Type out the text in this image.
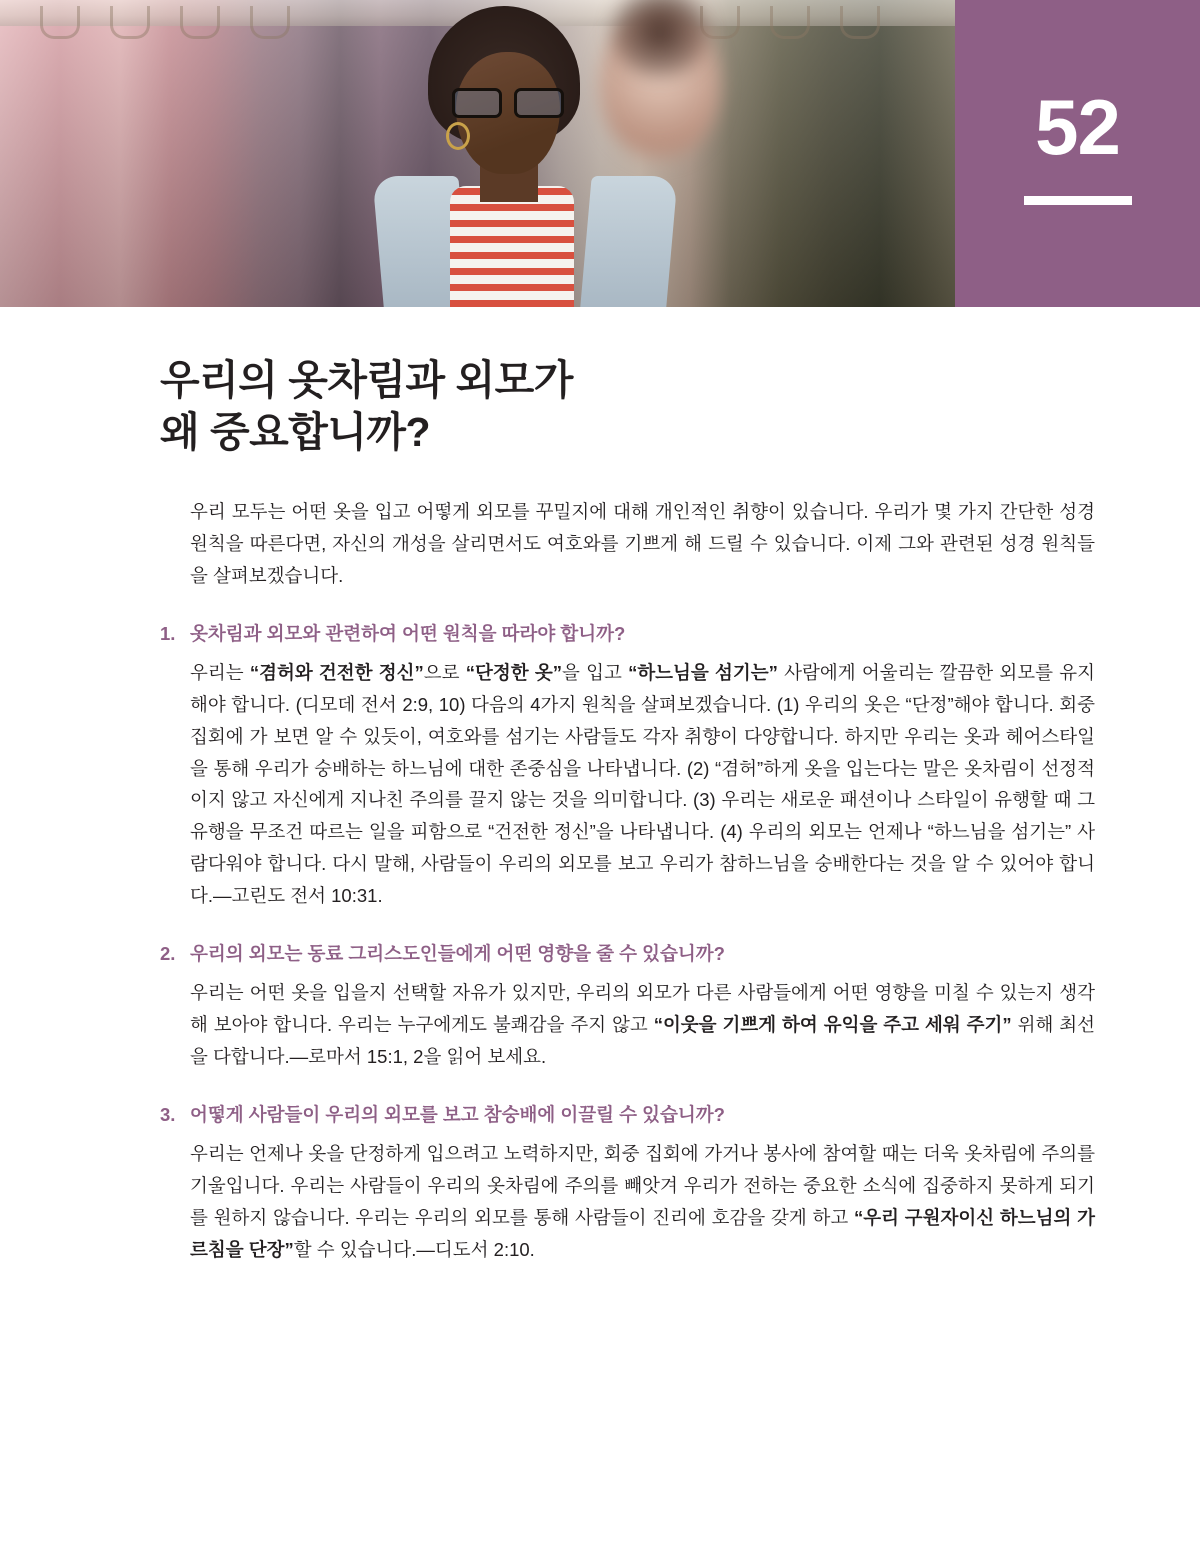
52
우리의 옷차림과 외모가
왜 중요합니까?

우리 모두는 어떤 옷을 입고 어떻게 외모를 꾸밀지에 대해 개인적인 취향이 있습니다. 우리가 몇 가지 간단한 성경 원칙을 따른다면, 자신의 개성을 살리면서도 여호와를 기쁘게 해 드릴 수 있습니다. 이제 그와 관련된 성경 원칙들을 살펴보겠습니다.

1. 옷차림과 외모와 관련하여 어떤 원칙을 따라야 합니까?

우리는 “겸허와 건전한 정신”으로 “단정한 옷”을 입고 “하느님을 섬기는” 사람에게 어울리는 깔끔한 외모를 유지해야 합니다. (디모데 전서 2:9, 10) 다음의 4가지 원칙을 살펴보겠습니다. (1) 우리의 옷은 “단정”해야 합니다. 회중 집회에 가 보면 알 수 있듯이, 여호와를 섬기는 사람들도 각자 취향이 다양합니다. 하지만 우리는 옷과 헤어스타일을 통해 우리가 숭배하는 하느님에 대한 존중심을 나타냅니다. (2) “겸허”하게 옷을 입는다는 말은 옷차림이 선정적이지 않고 자신에게 지나친 주의를 끌지 않는 것을 의미합니다. (3) 우리는 새로운 패션이나 스타일이 유행할 때 그 유행을 무조건 따르는 일을 피함으로 “건전한 정신”을 나타냅니다. (4) 우리의 외모는 언제나 “하느님을 섬기는” 사람다워야 합니다. 다시 말해, 사람들이 우리의 외모를 보고 우리가 참하느님을 숭배한다는 것을 알 수 있어야 합니다.—고린도 전서 10:31.

2. 우리의 외모는 동료 그리스도인들에게 어떤 영향을 줄 수 있습니까?

우리는 어떤 옷을 입을지 선택할 자유가 있지만, 우리의 외모가 다른 사람들에게 어떤 영향을 미칠 수 있는지 생각해 보아야 합니다. 우리는 누구에게도 불쾌감을 주지 않고 “이웃을 기쁘게 하여 유익을 주고 세워 주기” 위해 최선을 다합니다.—로마서 15:1, 2을 읽어 보세요.

3. 어떻게 사람들이 우리의 외모를 보고 참숭배에 이끌릴 수 있습니까?

우리는 언제나 옷을 단정하게 입으려고 노력하지만, 회중 집회에 가거나 봉사에 참여할 때는 더욱 옷차림에 주의를 기울입니다. 우리는 사람들이 우리의 옷차림에 주의를 빼앗겨 우리가 전하는 중요한 소식에 집중하지 못하게 되기를 원하지 않습니다. 우리는 우리의 외모를 통해 사람들이 진리에 호감을 갖게 하고 “우리 구원자이신 하느님의 가르침을 단장”할 수 있습니다.—디도서 2:10.
